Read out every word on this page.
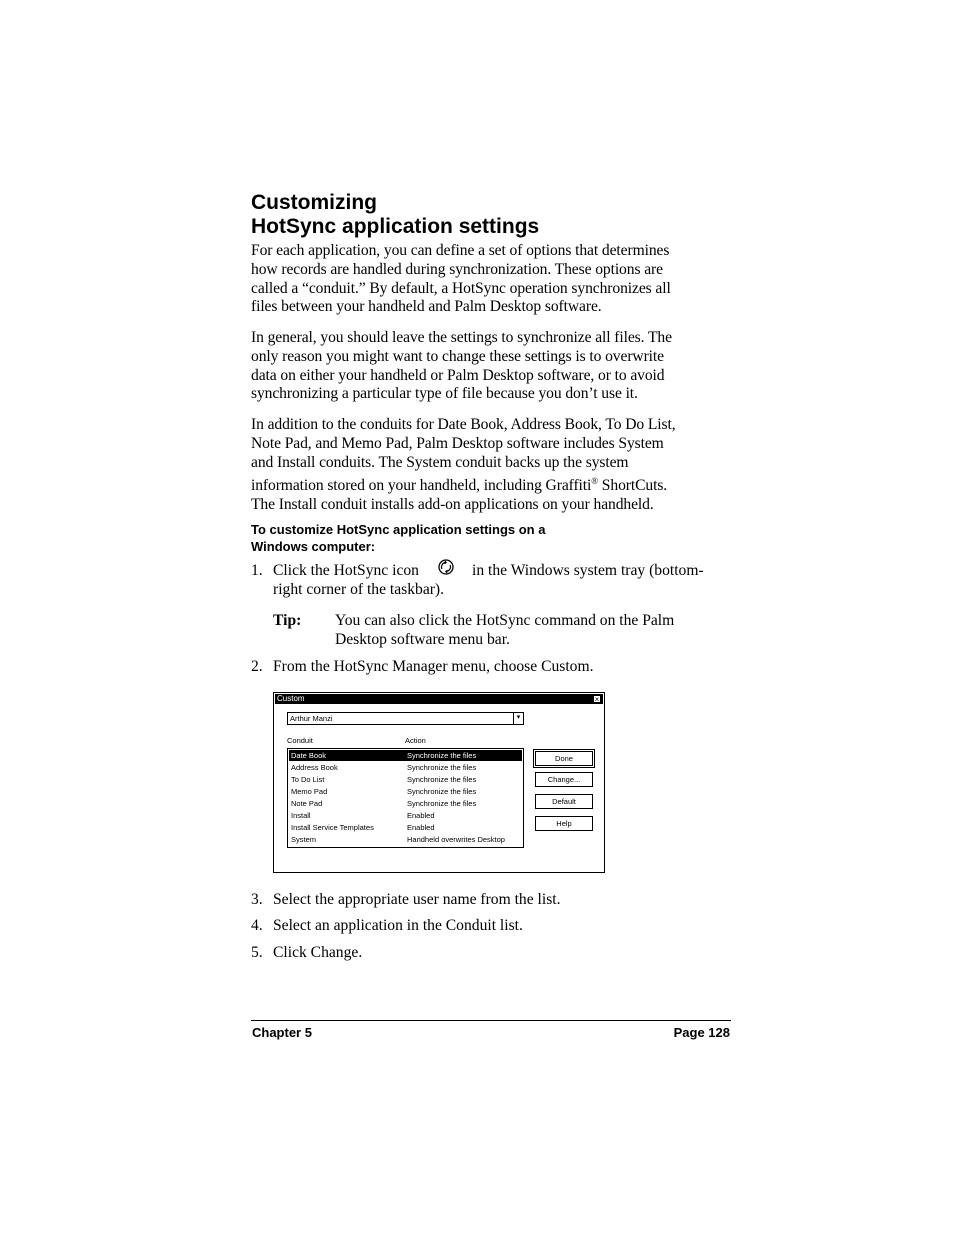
Customizing
HotSync application settings

For each application, you can define a set of options that determines
how records are handled during synchronization. These options are
called a “conduit.” By default, a HotSync operation synchronizes all
files between your handheld and Palm Desktop software.

In general, you should leave the settings to synchronize all files. The
only reason you might want to change these settings is to overwrite
data on either your handheld or Palm Desktop software, or to avoid
synchronizing a particular type of file because you don’t use it.

In addition to the conduits for Date Book, Address Book, To Do List,
Note Pad, and Memo Pad, Palm Desktop software includes System
and Install conduits. The System conduit backs up the system
information stored on your handheld, including Graffiti® ShortCuts.
The Install conduit installs add-on applications on your handheld.

To customize HotSync application settings on a
Windows computer:

1. Click the HotSync icon	in the Windows system tray (bottom-
right corner of the taskbar).
Tip: You can also click the HotSync command on the Palm
Desktop software menu bar.
2. From the HotSync Manager menu, choose Custom.
Custom	×
Arthur Manzi	▾
Conduit	Action
Date Book	Synchronize the files
Address Book	Synchronize the files
To Do List	Synchronize the files
Memo Pad	Synchronize the files
Note Pad	Synchronize the files
Install	Enabled
Install Service Templates	Enabled
System	Handheld overwrites Desktop
Done
Change...
Default
Help
3. Select the appropriate user name from the list.
4. Select an application in the Conduit list.
5. Click Change.
Chapter 5	Page 128
